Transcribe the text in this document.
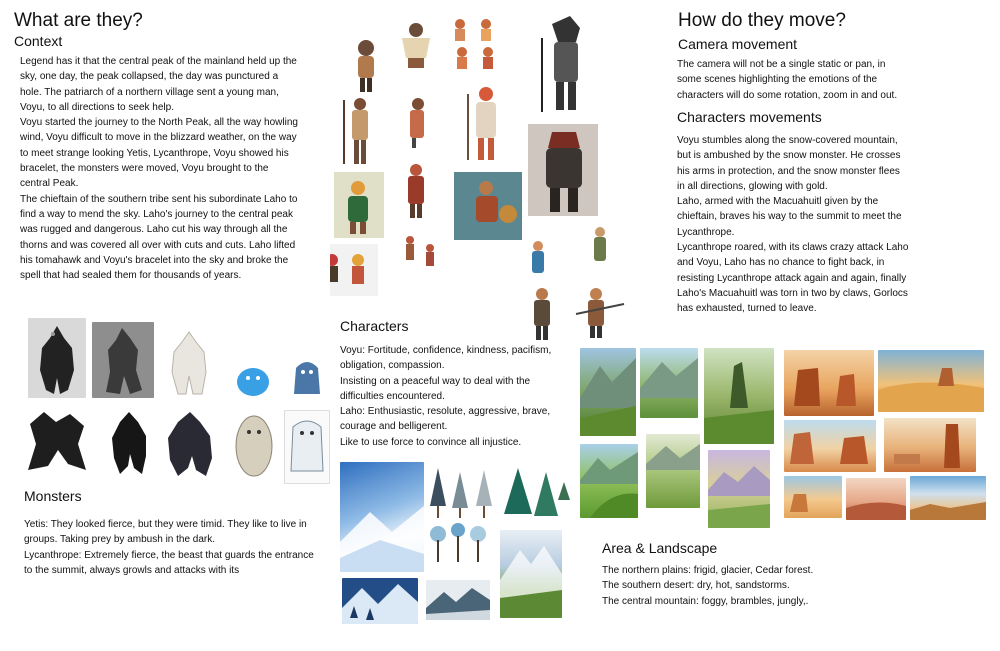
What are they?
Context

Legend has it that the central peak of the mainland held up the sky, one day, the peak collapsed, the day was punctured a hole. The patriarch of a northern village sent a young man, Voyu, to all directions to seek help.

Voyu started the journey to the North Peak, all the way howling wind, Voyu difficult to move in the blizzard weather, on the way to meet strange looking Yetis, Lycanthrope, Voyu showed his bracelet, the monsters were moved, Voyu brought to the central Peak.

The chieftain of the southern tribe sent his subordinate Laho to find a way to mend the sky. Laho's journey to the central peak was rugged and dangerous. Laho cut his way through all the thorns and was covered all over with cuts and cuts. Laho lifted his tomahawk and Voyu's bracelet into the sky and broke the spell that had sealed them for thousands of years.

Monsters

Yetis: They looked fierce, but they were timid. They like to live in groups. Taking prey by ambush in the dark.

Lycanthrope: Extremely fierce, the beast that guards the entrance to the summit, always growls and attacks with its

Characters

Voyu: Fortitude, confidence, kindness, pacifism, obligation, compassion.

Insisting on a peaceful way to deal with the difficulties encountered.

Laho: Enthusiastic, resolute, aggressive, brave, courage and belligerent.

Like to use force to convince all injustice.

How do they move?
Camera movement
The camera will not be a single static or pan, in some scenes highlighting the emotions of the characters will do some rotation, zoom in and out.
Characters movements

Voyu stumbles along the snow-covered mountain, but is ambushed by the snow monster. He crosses his arms in protection, and the snow monster flees in all directions, glowing with gold.

Laho, armed with the Macuahuitl given by the chieftain, braves his way to the summit to meet the Lycanthrope.

Lycanthrope roared, with its claws crazy attack Laho and Voyu, Laho has no chance to fight back, in resisting Lycanthrope attack again and again, finally Laho's Macuahuitl was torn in two by claws, Gorlocs has exhausted, turned to leave.

Area & Landscape

The northern plains: frigid, glacier, Cedar forest.

The southern desert: dry, hot, sandstorms.

The central mountain: foggy, brambles, jungly,.
